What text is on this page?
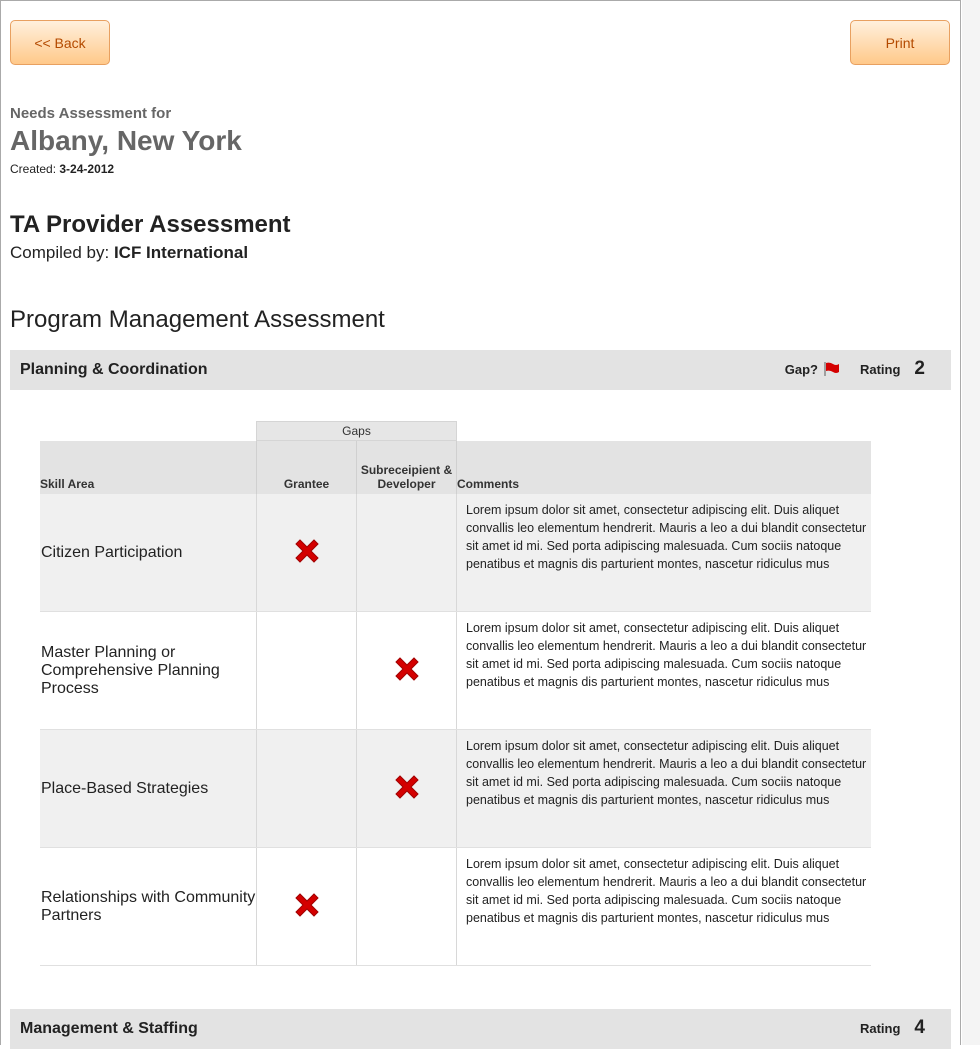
<< Back	Print
Needs Assessment for
Albany, New York
Created: 3-24-2012
TA Provider Assessment
Compiled by: ICF International
Program Management Assessment
Planning & Coordination	Gap?	Rating 2
	Gaps		
Skill Area	Grantee	Subreceipient & Developer	Comments
Citizen Participation			Lorem ipsum dolor sit amet, consectetur adipiscing elit. Duis aliquet convallis leo elementum hendrerit. Mauris a leo a dui blandit consectetur sit amet id mi. Sed porta adipiscing malesuada. Cum sociis natoque penatibus et magnis dis parturient montes, nascetur ridiculus mus
Master Planning or Comprehensive Planning Process			Lorem ipsum dolor sit amet, consectetur adipiscing elit. Duis aliquet convallis leo elementum hendrerit. Mauris a leo a dui blandit consectetur sit amet id mi. Sed porta adipiscing malesuada. Cum sociis natoque penatibus et magnis dis parturient montes, nascetur ridiculus mus
Place-Based Strategies			Lorem ipsum dolor sit amet, consectetur adipiscing elit. Duis aliquet convallis leo elementum hendrerit. Mauris a leo a dui blandit consectetur sit amet id mi. Sed porta adipiscing malesuada. Cum sociis natoque penatibus et magnis dis parturient montes, nascetur ridiculus mus
Relationships with Community Partners			Lorem ipsum dolor sit amet, consectetur adipiscing elit. Duis aliquet convallis leo elementum hendrerit. Mauris a leo a dui blandit consectetur sit amet id mi. Sed porta adipiscing malesuada. Cum sociis natoque penatibus et magnis dis parturient montes, nascetur ridiculus mus
Management & Staffing	Rating 4
